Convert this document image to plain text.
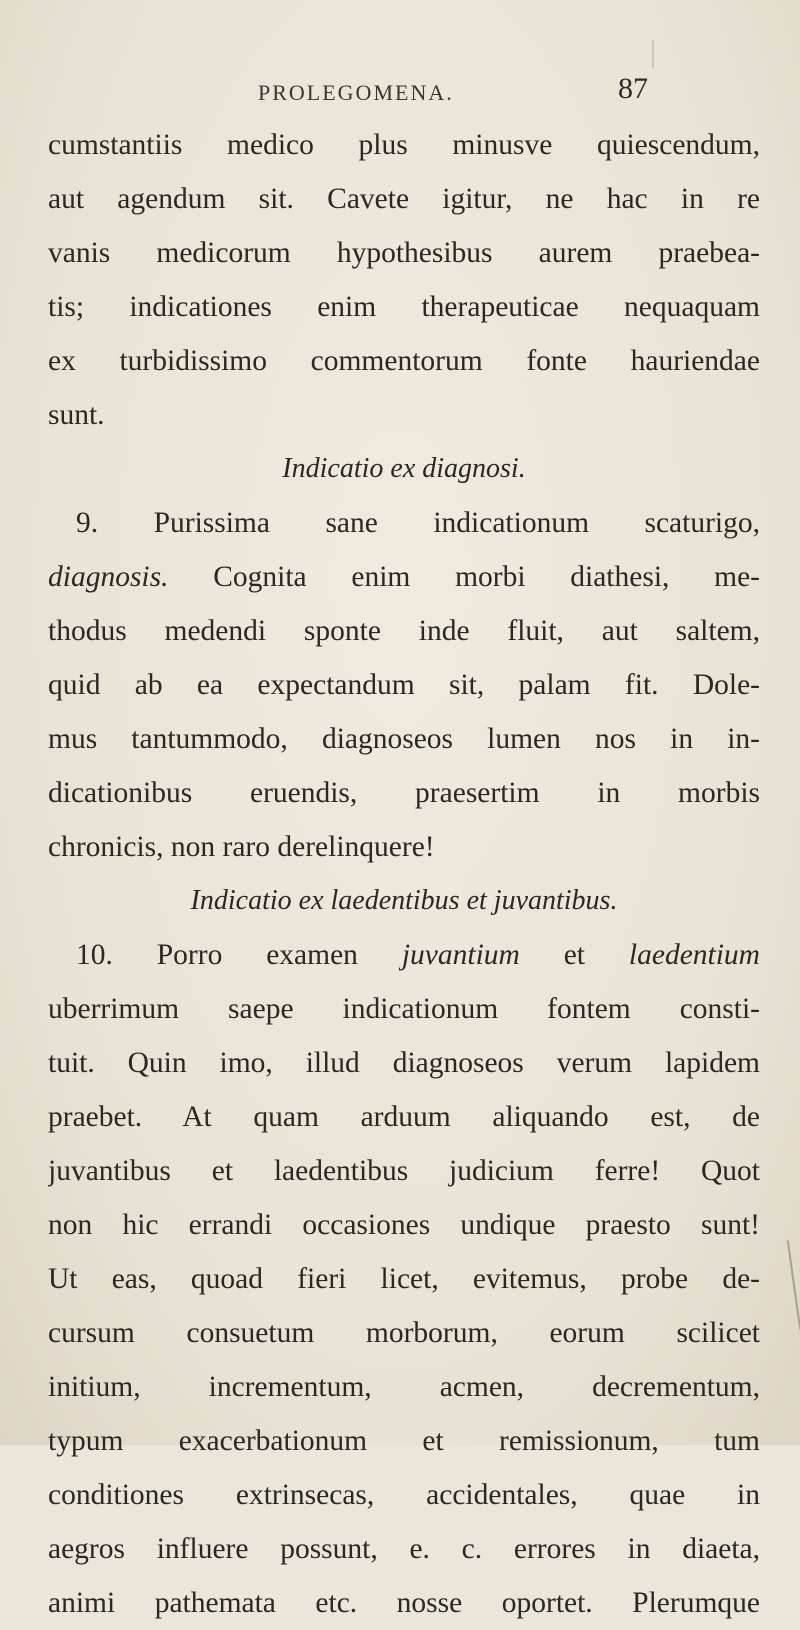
PROLEGOMENA.	87
cumstantiis medico plus minusve quiescendum,
aut agendum sit. Cavete igitur, ne hac in re
vanis medicorum hypothesibus aurem praebea-
tis; indicationes enim therapeuticae nequaquam
ex turbidissimo commentorum fonte hauriendae
sunt.
Indicatio ex diagnosi.
9. Purissima sane indicationum scaturigo,
diagnosis. Cognita enim morbi diathesi, me-
thodus medendi sponte inde fluit, aut saltem,
quid ab ea expectandum sit, palam fit. Dole-
mus tantummodo, diagnoseos lumen nos in in-
dicationibus eruendis, praesertim in morbis
chronicis, non raro derelinquere!
Indicatio ex laedentibus et juvantibus.
10. Porro examen juvantium et laedentium
uberrimum saepe indicationum fontem consti-
tuit. Quin imo, illud diagnoseos verum lapidem
praebet. At quam arduum aliquando est, de
juvantibus et laedentibus judicium ferre! Quot
non hic errandi occasiones undique praesto sunt!
Ut eas, quoad fieri licet, evitemus, probe de-
cursum consuetum morborum, eorum scilicet
initium, incrementum, acmen, decrementum,
typum exacerbationum et remissionum, tum
conditiones extrinsecas, accidentales, quae in
aegros influere possunt, e. c. errores in diaeta,
animi pathemata etc. nosse oportet. Plerumque
